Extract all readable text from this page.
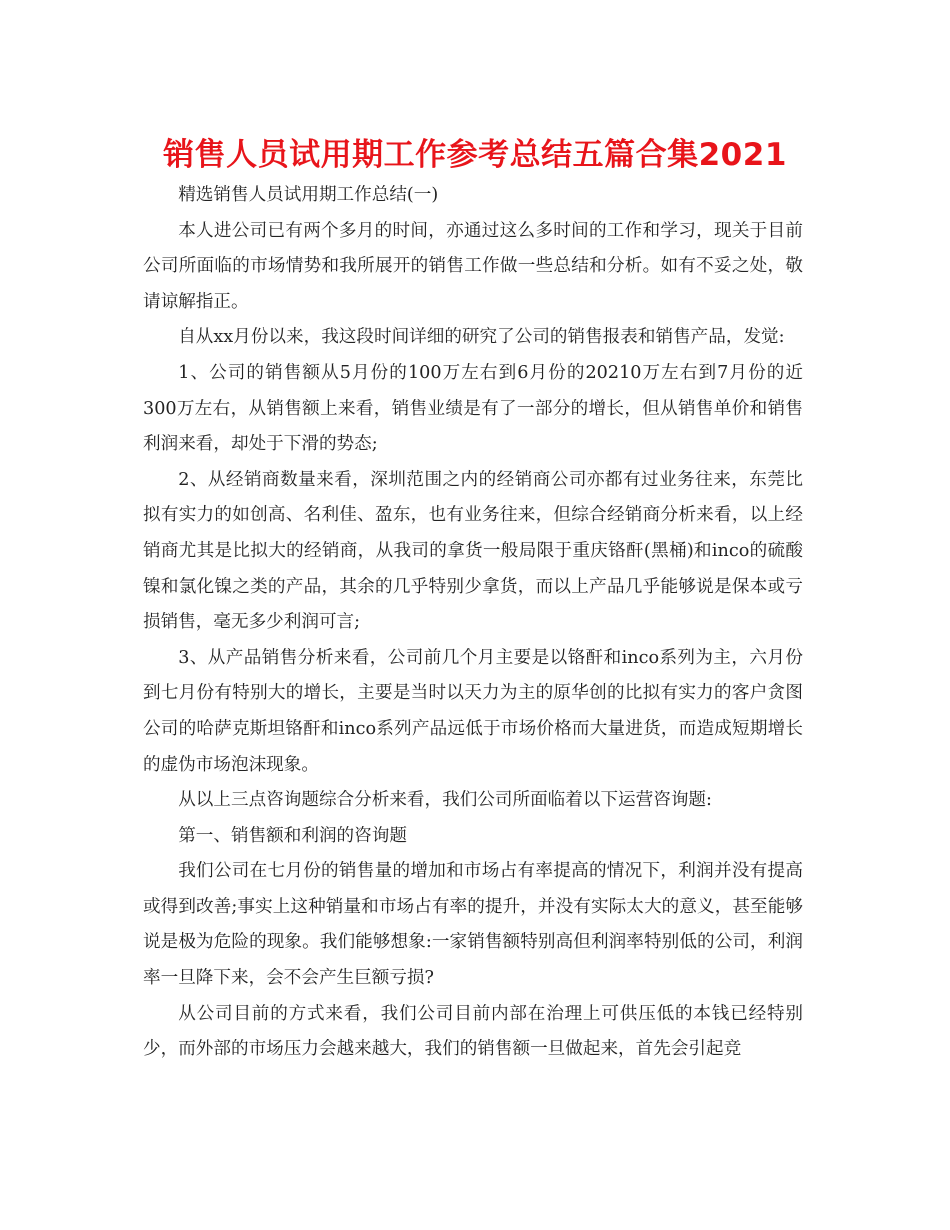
销售人员试用期工作参考总结五篇合集2021

精选销售人员试用期工作总结(一)

本人进公司已有两个多月的时间，亦通过这么多时间的工作和学习，现关于目前公司所面临的市场情势和我所展开的销售工作做一些总结和分析。如有不妥之处，敬请谅解指正。

自从xx月份以来，我这段时间详细的研究了公司的销售报表和销售产品，发觉:

1、公司的销售额从5月份的100万左右到6月份的20210万左右到7月份的近300万左右，从销售额上来看，销售业绩是有了一部分的增长，但从销售单价和销售利润来看，却处于下滑的势态;

2、从经销商数量来看，深圳范围之内的经销商公司亦都有过业务往来，东莞比拟有实力的如创高、名利佳、盈东，也有业务往来，但综合经销商分析来看，以上经销商尤其是比拟大的经销商，从我司的拿货一般局限于重庆铬酐(黑桶)和inco的硫酸镍和氯化镍之类的产品，其余的几乎特别少拿货，而以上产品几乎能够说是保本或亏损销售，毫无多少利润可言;

3、从产品销售分析来看，公司前几个月主要是以铬酐和inco系列为主，六月份到七月份有特别大的增长，主要是当时以天力为主的原华创的比拟有实力的客户贪图公司的哈萨克斯坦铬酐和inco系列产品远低于市场价格而大量进货，而造成短期增长的虚伪市场泡沫现象。

从以上三点咨询题综合分析来看，我们公司所面临着以下运营咨询题:

第一、销售额和利润的咨询题

我们公司在七月份的销售量的增加和市场占有率提高的情况下，利润并没有提高或得到改善;事实上这种销量和市场占有率的提升，并没有实际太大的意义，甚至能够说是极为危险的现象。我们能够想象:一家销售额特别高但利润率特别低的公司，利润率一旦降下来，会不会产生巨额亏损?

从公司目前的方式来看，我们公司目前内部在治理上可供压低的本钱已经特别少，而外部的市场压力会越来越大，我们的销售额一旦做起来，首先会引起竞
